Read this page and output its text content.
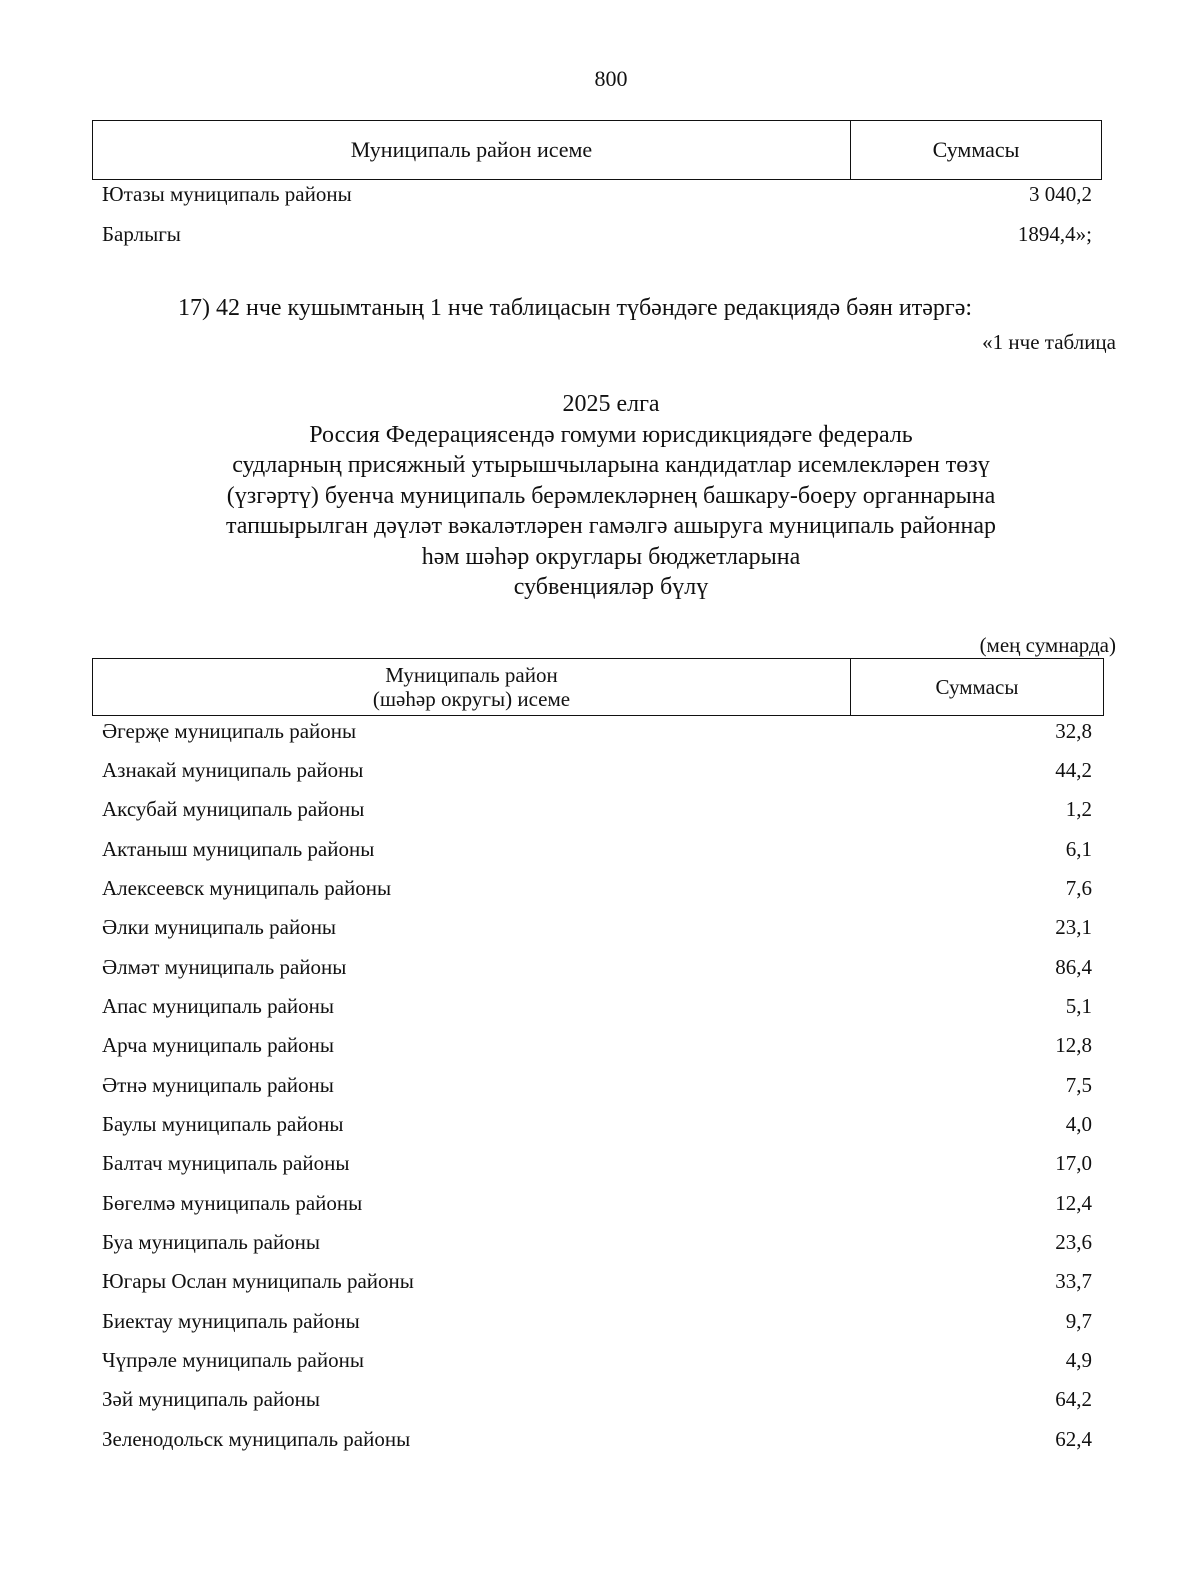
800
Муниципаль район исеме	Суммасы
Ютазы муниципаль районы	3 040,2
Барлыгы	1894,4»;
17) 42 нче кушымтаның 1 нче таблицасын түбәндәге редакциядә бәян итәргә:
«1 нче таблица
2025 елга
Россия Федерациясендә гомуми юрисдикциядәге федераль
судларның присяжный утырышчыларына кандидатлар исемлекләрен төзү
(үзгәртү) буенча муниципаль берәмлекләрнең башкару-боеру органнарына
тапшырылган дәүләт вәкаләтләрен гамәлгә ашыруга муниципаль районнар
һәм шәһәр округлары бюджетларына
субвенцияләр бүлү
(мең сумнарда)
Муниципаль район
(шәһәр округы) исеме	Суммасы
Әгерҗе муниципаль районы	32,8
Азнакай муниципаль районы	44,2
Аксубай муниципаль районы	1,2
Актаныш муниципаль районы	6,1
Алексеевск муниципаль районы	7,6
Әлки муниципаль районы	23,1
Әлмәт муниципаль районы	86,4
Апас муниципаль районы	5,1
Арча муниципаль районы	12,8
Әтнә муниципаль районы	7,5
Баулы муниципаль районы	4,0
Балтач муниципаль районы	17,0
Бөгелмә муниципаль районы	12,4
Буа муниципаль районы	23,6
Югары Ослан муниципаль районы	33,7
Биектау муниципаль районы	9,7
Чүпрәле муниципаль районы	4,9
Зәй муниципаль районы	64,2
Зеленодольск муниципаль районы	62,4
